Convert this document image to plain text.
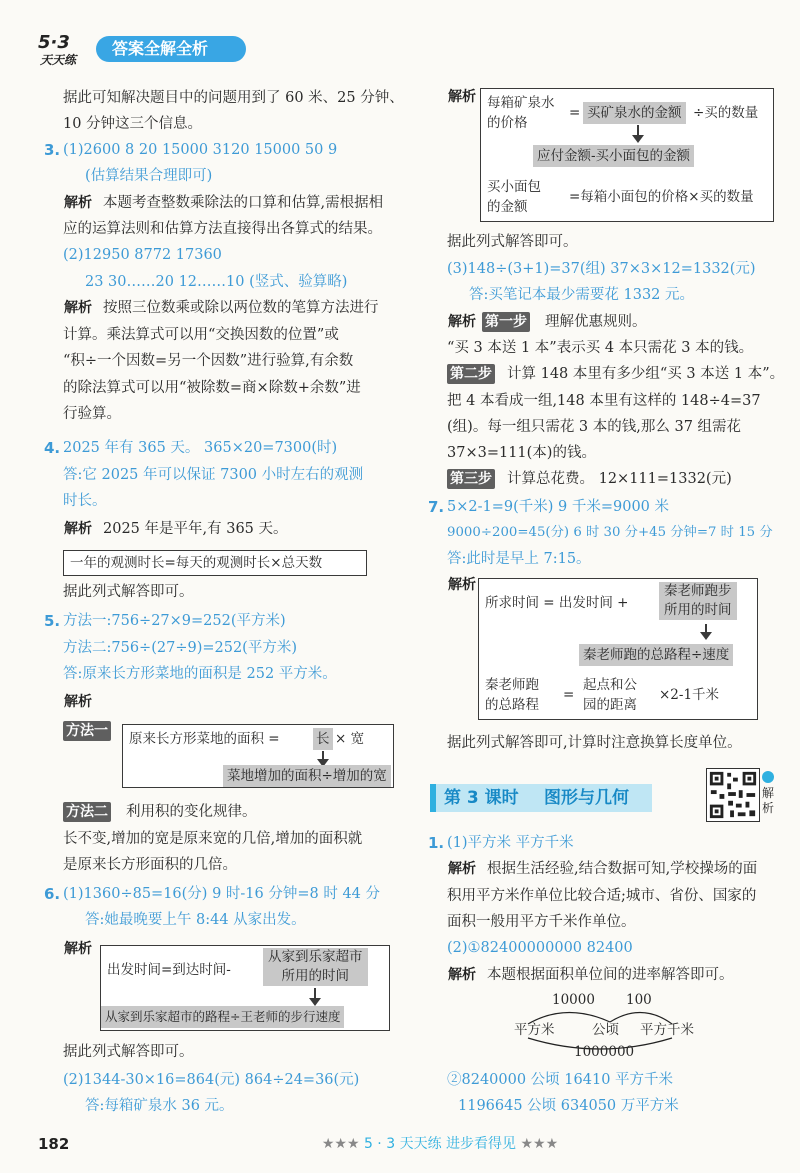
5·3
天天练
答案全解全析
据此可知解决题目中的问题用到了 60 米、25 分钟、
10 分钟这三个信息。
3. (1)2600 8 20 15000 3120 15000 50 9
(估算结果合理即可)
解析 本题考查整数乘除法的口算和估算,需根据相
应的运算法则和估算方法直接得出各算式的结果。
(2)12950 8772 17360
23 30……20 12……10 (竖式、验算略)
解析 按照三位数乘或除以两位数的笔算方法进行
计算。乘法算式可以用“交换因数的位置”或
“积÷一个因数=另一个因数”进行验算,有余数
的除法算式可以用“被除数=商×除数+余数”进
行验算。
4. 2025 年有 365 天。 365×20=7300(时)
答:它 2025 年可以保证 7300 小时左右的观测
时长。
解析 2025 年是平年,有 365 天。
一年的观测时长=每天的观测时长×总天数
据此列式解答即可。
5. 方法一:756÷27×9=252(平方米)
方法二:756÷(27÷9)=252(平方米)
答:原来长方形菜地的面积是 252 平方米。
解析
方法一 原来长方形菜地的面积 =	长 × 宽
菜地增加的面积÷增加的宽
方法二 利用积的变化规律。
长不变,增加的宽是原来宽的几倍,增加的面积就
是原来长方形面积的几倍。
6. (1)1360÷85=16(分) 9 时-16 分钟=8 时 44 分
答:她最晚要上午 8:44 从家出发。
解析
出发时间=到达时间-
从家到乐家超市
所用的时间
从家到乐家超市的路程÷王老师的步行速度
据此列式解答即可。
(2)1344-30×16=864(元) 864÷24=36(元)
答:每箱矿泉水 36 元。
解析 每箱矿泉水
的价格
= 买矿泉水的金额 ÷买的数量
应付金额-买小面包的金额
买小面包
的金额
=每箱小面包的价格×买的数量
据此列式解答即可。
(3)148÷(3+1)=37(组) 37×3×12=1332(元)
答:买笔记本最少需要花 1332 元。
解析 第一步 理解优惠规则。
“买 3 本送 1 本”表示买 4 本只需花 3 本的钱。
第二步 计算 148 本里有多少组“买 3 本送 1 本”。
把 4 本看成一组,148 本里有这样的 148÷4=37
(组)。每一组只需花 3 本的钱,那么 37 组需花
37×3=111(本)的钱。
第三步 计算总花费。 12×111=1332(元)
7. 5×2-1=9(千米) 9 千米=9000 米
9000÷200=45(分) 6 时 30 分+45 分钟=7 时 15 分
答:此时是早上 7:15。
解析
所求时间 = 出发时间 +
秦老师跑步
所用的时间
秦老师跑的总路程÷速度
秦老师跑
的总路程
=
起点和公
园的距离
×2-1千米
据此列式解答即可,计算时注意换算长度单位。
第 3 课时 图形与几何	解析
1. (1)平方米 平方千米
解析 根据生活经验,结合数据可知,学校操场的面
积用平方米作单位比较合适;城市、省份、国家的
面积一般用平方千米作单位。
(2)①82400000000 82400
解析 本题根据面积单位间的进率解答即可。
10000 100
平方米	公顷 平方千米
1000000
②8240000 公顷 16410 平方千米
1196645 公顷 634050 万平方米
182	★★★ 5 · 3 天天练 进步看得见 ★★★
